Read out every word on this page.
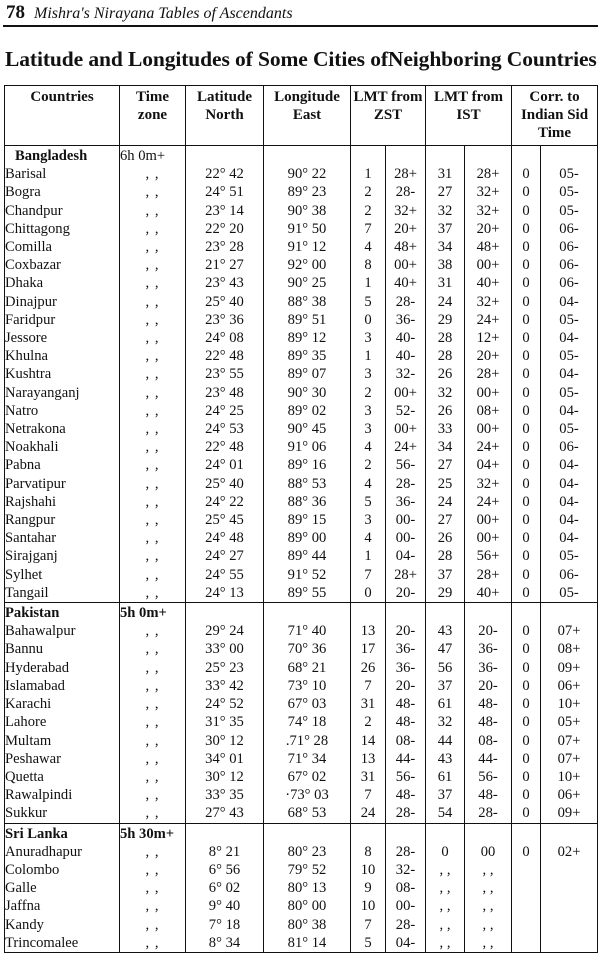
78 Mishra's Nirayana Tables of Ascendants
Latitude and Longitudes of Some Cities ofNeighboring Countries
Countries	Time zone	Latitude North	Longitude East	LMT from ZST		LMT from IST		Corr. to Indian Sid Time	
Bangladesh	6h 0m+								
Barisal	, ,	22° 42	90° 22	1	28+	31	28+	0	05-
Bogra	, ,	24° 51	89° 23	2	28-	27	32+	0	05-
Chandpur	, ,	23° 14	90° 38	2	32+	32	32+	0	05-
Chittagong	, ,	22° 20	91° 50	7	20+	37	20+	0	06-
Comilla	, ,	23° 28	91° 12	4	48+	34	48+	0	06-
Coxbazar	, ,	21° 27	92° 00	8	00+	38	00+	0	06-
Dhaka	, ,	23° 43	90° 25	1	40+	31	40+	0	06-
Dinajpur	, ,	25° 40	88° 38	5	28-	24	32+	0	04-
Faridpur	, ,	23° 36	89° 51	0	36-	29	24+	0	05-
Jessore	, ,	24° 08	89° 12	3	40-	28	12+	0	04-
Khulna	, ,	22° 48	89° 35	1	40-	28	20+	0	05-
Kushtra	, ,	23° 55	89° 07	3	32-	26	28+	0	04-
Narayanganj	, ,	23° 48	90° 30	2	00+	32	00+	0	05-
Natro	, ,	24° 25	89° 02	3	52-	26	08+	0	04-
Netrakona	, ,	24° 53	90° 45	3	00+	33	00+	0	05-
Noakhali	, ,	22° 48	91° 06	4	24+	34	24+	0	06-
Pabna	, ,	24° 01	89° 16	2	56-	27	04+	0	04-
Parvatipur	, ,	25° 40	88° 53	4	28-	25	32+	0	04-
Rajshahi	, ,	24° 22	88° 36	5	36-	24	24+	0	04-
Rangpur	, ,	25° 45	89° 15	3	00-	27	00+	0	04-
Santahar	, ,	24° 48	89° 00	4	00-	26	00+	0	04-
Sirajganj	, ,	24° 27	89° 44	1	04-	28	56+	0	05-
Sylhet	, ,	24° 55	91° 52	7	28+	37	28+	0	06-
Tangail	, ,	24° 13	89° 55	0	20-	29	40+	0	05-
Pakistan	5h 0m+								
Bahawalpur	, ,	29° 24	71° 40	13	20-	43	20-	0	07+
Bannu	, ,	33° 00	70° 36	17	36-	47	36-	0	08+
Hyderabad	, ,	25° 23	68° 21	26	36-	56	36-	0	09+
Islamabad	, ,	33° 42	73° 10	7	20-	37	20-	0	06+
Karachi	, ,	24° 52	67° 03	31	48-	61	48-	0	10+
Lahore	, ,	31° 35	74° 18	2	48-	32	48-	0	05+
Multam	, ,	30° 12	.71° 28	14	08-	44	08-	0	07+
Peshawar	, ,	34° 01	71° 34	13	44-	43	44-	0	07+
Quetta	, ,	30° 12	67° 02	31	56-	61	56-	0	10+
Rawalpindi	, ,	33° 35	·73° 03	7	48-	37	48-	0	06+
Sukkur	, ,	27° 43	68° 53	24	28-	54	28-	0	09+
Sri Lanka	5h 30m+								
Anuradhapur	, ,	8° 21	80° 23	8	28-	0	00	0	02+
Colombo	, ,	6° 56	79° 52	10	32-	, ,	, ,		
Galle	, ,	6° 02	80° 13	9	08-	, ,	, ,		
Jaffna	, ,	9° 40	80° 00	10	00-	, ,	, ,		
Kandy	, ,	7° 18	80° 38	7	28-	, ,	, ,		
Trincomalee	, ,	8° 34	81° 14	5	04-	, ,	, ,		
